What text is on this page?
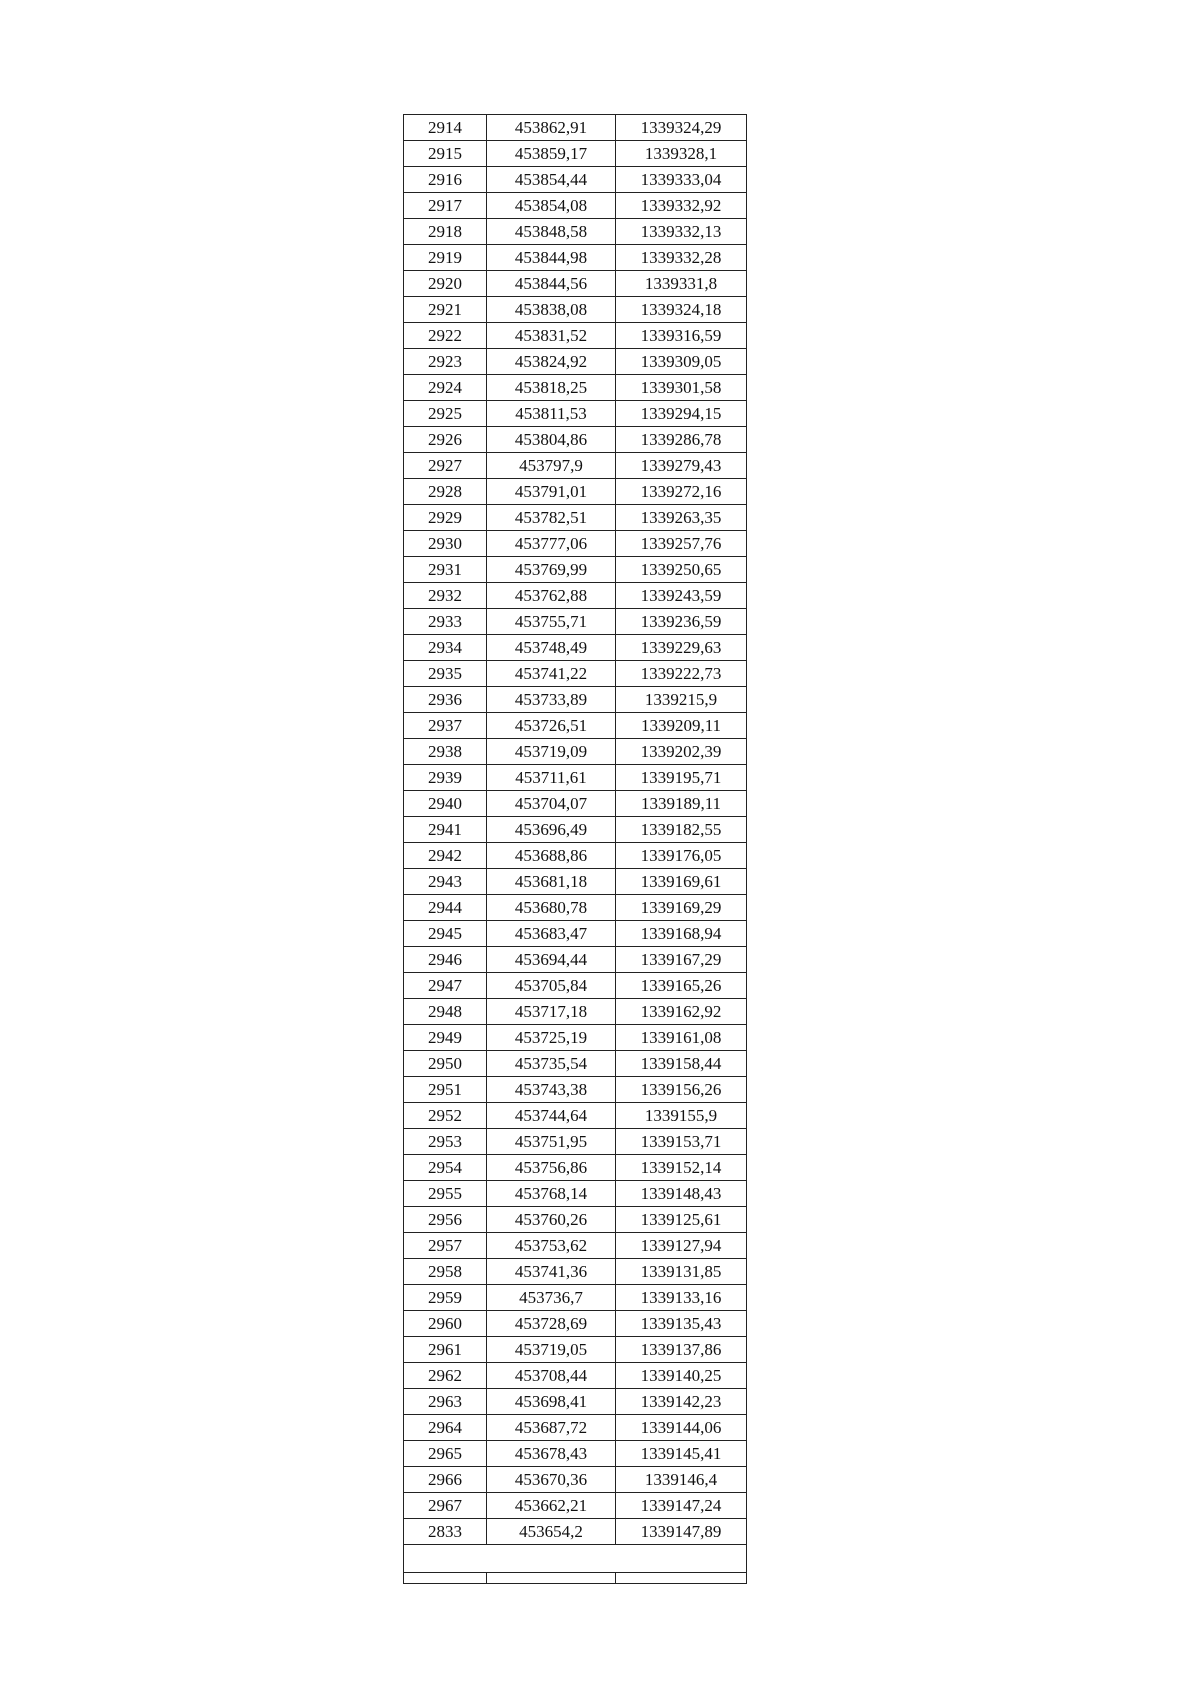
2914	453862,91	1339324,29
2915	453859,17	1339328,1
2916	453854,44	1339333,04
2917	453854,08	1339332,92
2918	453848,58	1339332,13
2919	453844,98	1339332,28
2920	453844,56	1339331,8
2921	453838,08	1339324,18
2922	453831,52	1339316,59
2923	453824,92	1339309,05
2924	453818,25	1339301,58
2925	453811,53	1339294,15
2926	453804,86	1339286,78
2927	453797,9	1339279,43
2928	453791,01	1339272,16
2929	453782,51	1339263,35
2930	453777,06	1339257,76
2931	453769,99	1339250,65
2932	453762,88	1339243,59
2933	453755,71	1339236,59
2934	453748,49	1339229,63
2935	453741,22	1339222,73
2936	453733,89	1339215,9
2937	453726,51	1339209,11
2938	453719,09	1339202,39
2939	453711,61	1339195,71
2940	453704,07	1339189,11
2941	453696,49	1339182,55
2942	453688,86	1339176,05
2943	453681,18	1339169,61
2944	453680,78	1339169,29
2945	453683,47	1339168,94
2946	453694,44	1339167,29
2947	453705,84	1339165,26
2948	453717,18	1339162,92
2949	453725,19	1339161,08
2950	453735,54	1339158,44
2951	453743,38	1339156,26
2952	453744,64	1339155,9
2953	453751,95	1339153,71
2954	453756,86	1339152,14
2955	453768,14	1339148,43
2956	453760,26	1339125,61
2957	453753,62	1339127,94
2958	453741,36	1339131,85
2959	453736,7	1339133,16
2960	453728,69	1339135,43
2961	453719,05	1339137,86
2962	453708,44	1339140,25
2963	453698,41	1339142,23
2964	453687,72	1339144,06
2965	453678,43	1339145,41
2966	453670,36	1339146,4
2967	453662,21	1339147,24
2833	453654,2	1339147,89
